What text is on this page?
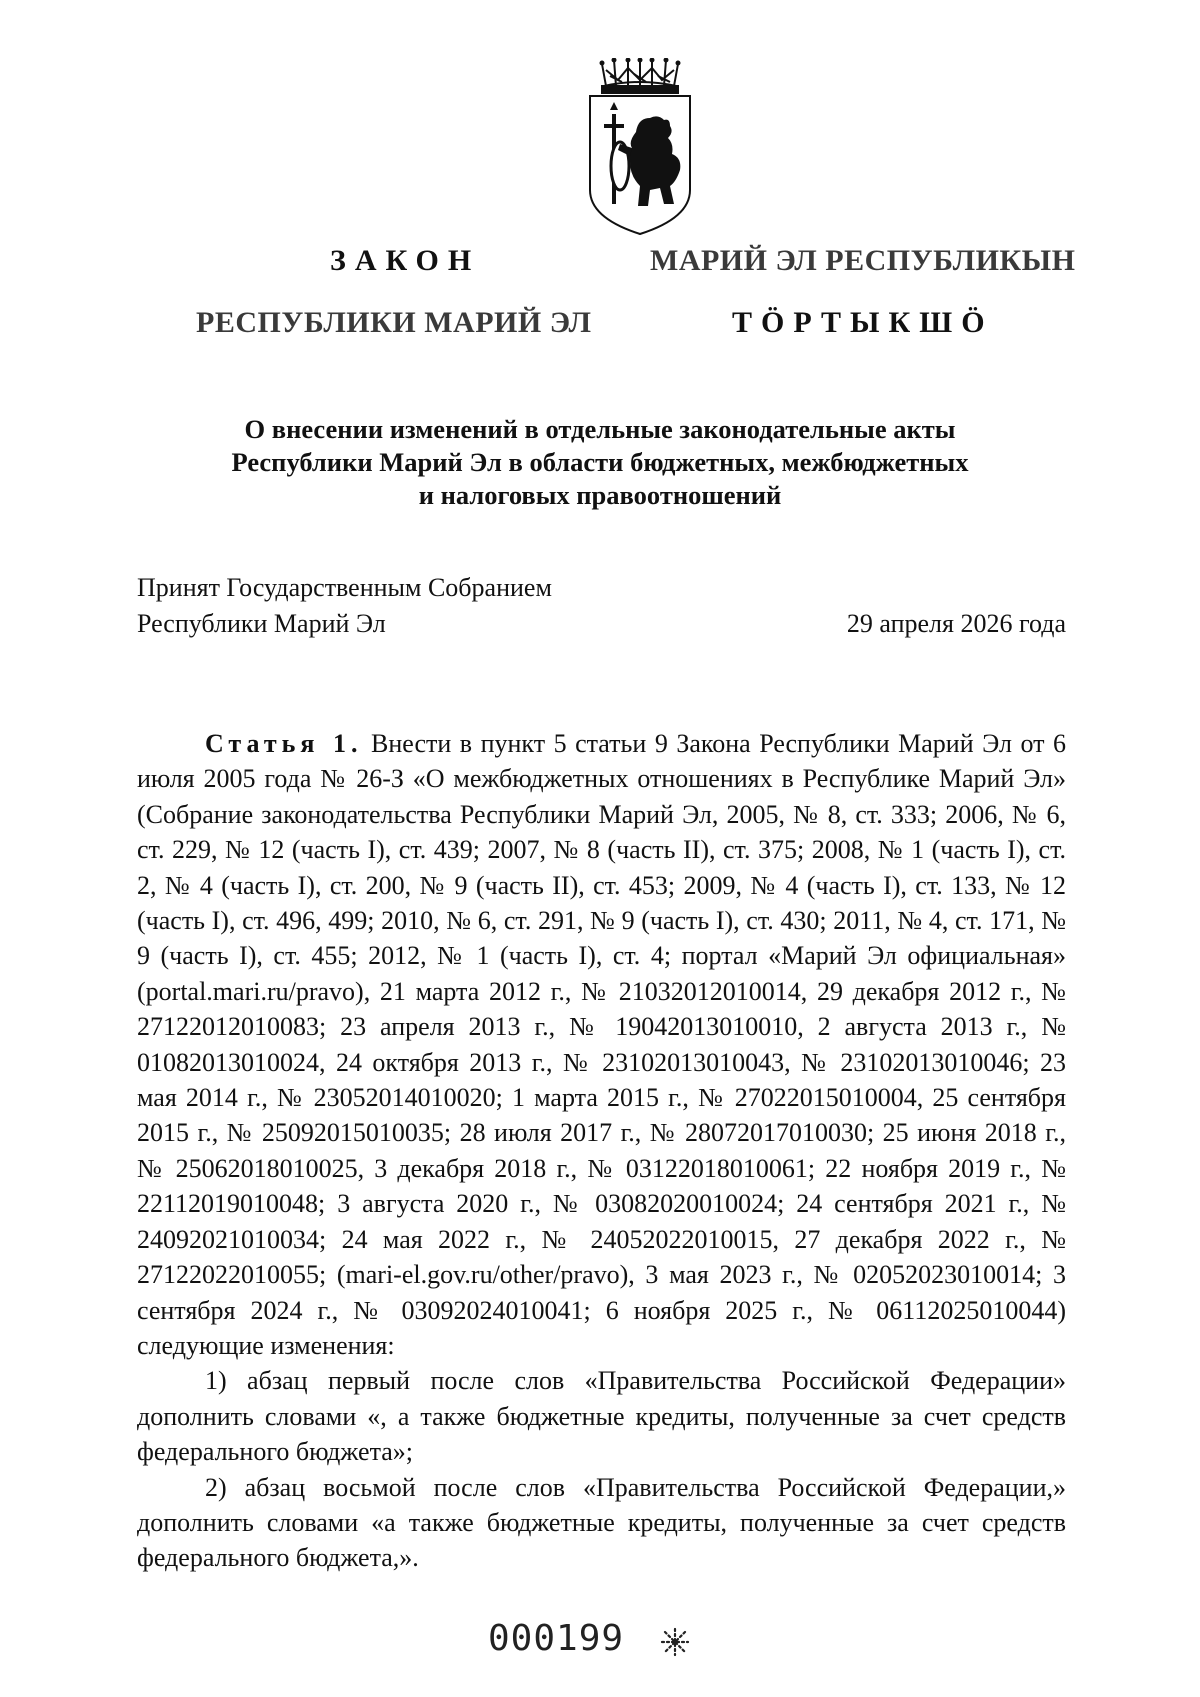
ЗАКОН
РЕСПУБЛИКИ МАРИЙ ЭЛ
МАРИЙ ЭЛ РЕСПУБЛИКЫН
ТӦРТЫКШӦ
О внесении изменений в отдельные законодательные акты
Республики Марий Эл в области бюджетных, межбюджетных
и налоговых правоотношений
Принят Государственным Собранием
Республики Марий Эл	29 апреля 2026 года

Статья 1. Внести в пункт 5 статьи 9 Закона Республики Марий Эл от 6 июля 2005 года № 26-З «О межбюджетных отношениях в Республике Марий Эл» (Собрание законодательства Республики Марий Эл, 2005, № 8, ст. 333; 2006, № 6, ст. 229, № 12 (часть I), ст. 439; 2007, № 8 (часть II), ст. 375; 2008, № 1 (часть I), ст. 2, № 4 (часть I), ст. 200, № 9 (часть II), ст. 453; 2009, № 4 (часть I), ст. 133, № 12 (часть I), ст. 496, 499; 2010, № 6, ст. 291, № 9 (часть I), ст. 430; 2011, № 4, ст. 171, № 9 (часть I), ст. 455; 2012, № 1 (часть I), ст. 4; портал «Марий Эл официальная» (portal.mari.ru/pravo), 21 марта 2012 г., № 21032012010014, 29 декабря 2012 г., № 27122012010083; 23 апреля 2013 г., № 19042013010010, 2 августа 2013 г., № 01082013010024, 24 октября 2013 г., № 23102013010043, № 23102013010046; 23 мая 2014 г., № 23052014010020; 1 марта 2015 г., № 27022015010004, 25 сентября 2015 г., № 25092015010035; 28 июля 2017 г., № 28072017010030; 25 июня 2018 г., № 25062018010025, 3 декабря 2018 г., № 03122018010061; 22 ноября 2019 г., № 22112019010048; 3 августа 2020 г., № 03082020010024; 24 сентября 2021 г., № 24092021010034; 24 мая 2022 г., № 24052022010015, 27 декабря 2022 г., № 27122022010055; (mari-el.gov.ru/other/pravo), 3 мая 2023 г., № 02052023010014; 3 сентября 2024 г., № 03092024010041; 6 ноября 2025 г., № 06112025010044) следующие изменения:

1) абзац первый после слов «Правительства Российской Федерации» дополнить словами «, а также бюджетные кредиты, полученные за счет средств федерального бюджета»;

2) абзац восьмой после слов «Правительства Российской Федерации,» дополнить словами «а также бюджетные кредиты, полученные за счет средств федерального бюджета,».

000199
